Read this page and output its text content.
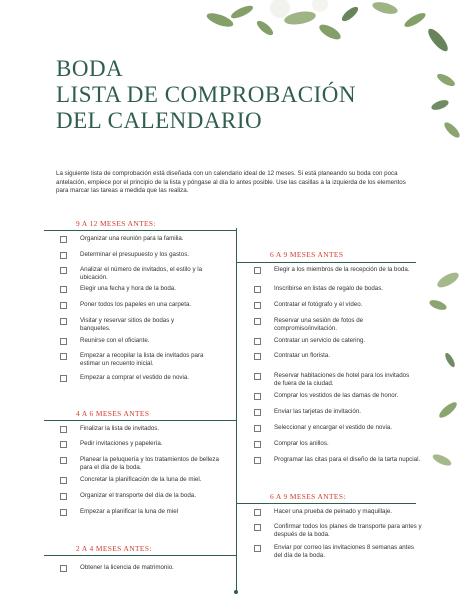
BODA
LISTA DE COMPROBACIÓN
DEL CALENDARIO

La siguiente lista de comprobación está diseñada con un calendario ideal de 12 meses. Si está planeando su boda con poca antelación, empiece por el principio de la lista y póngase al día lo antes posible. Use las casillas a la izquierda de los elementos para marcar las tareas a medida que las realiza.

9 A 12 MESES ANTES:
Organizar una reunión para la familia.
Determinar el presupuesto y los gastos.
Analizar el número de invitados, el estilo y la ubicación.
Elegir una fecha y hora de la boda.
Poner todos los papeles en una carpeta.
Visitar y reservar sitios de bodas y banquetes.
Reunirse con el oficiante.
Empezar a recopilar la lista de invitados para estimar un recuento inicial.
Empezar a comprar el vestido de novia.
4 A 6 MESES ANTES
Finalizar la lista de invitados.
Pedir invitaciones y papelería.
Planear la peluquería y los tratamientos de belleza para el día de la boda.
Concretar la planificación de la luna de miel.
Organizar el transporte del día de la boda.
Empezar a planificar la luna de miel
2 A 4 MESES ANTES:
Obtener la licencia de matrimonio.
6 A 9 MESES ANTES
Elegir a los miembros de la recepción de la boda.
Inscribirse en listas de regalo de bodas.
Contratar el fotógrafo y el vídeo.
Reservar una sesión de fotos de compromiso/invitación.
Contratar un servicio de catering.
Contratar un florista.
Reservar habitaciones de hotel para los invitados de fuera de la ciudad.
Comprar los vestidos de las damas de honor.
Enviar las tarjetas de invitación.
Seleccionar y encargar el vestido de novia.
Comprar los anillos.
Programar las citas para el diseño de la tarta nupcial.
6 A 9 MESES ANTES:
Hacer una prueba de peinado y maquillaje.
Confirmar todos los planes de transporte para antes y después de la boda.
Enviar por correo las invitaciones 8 semanas antes del día de la boda.
